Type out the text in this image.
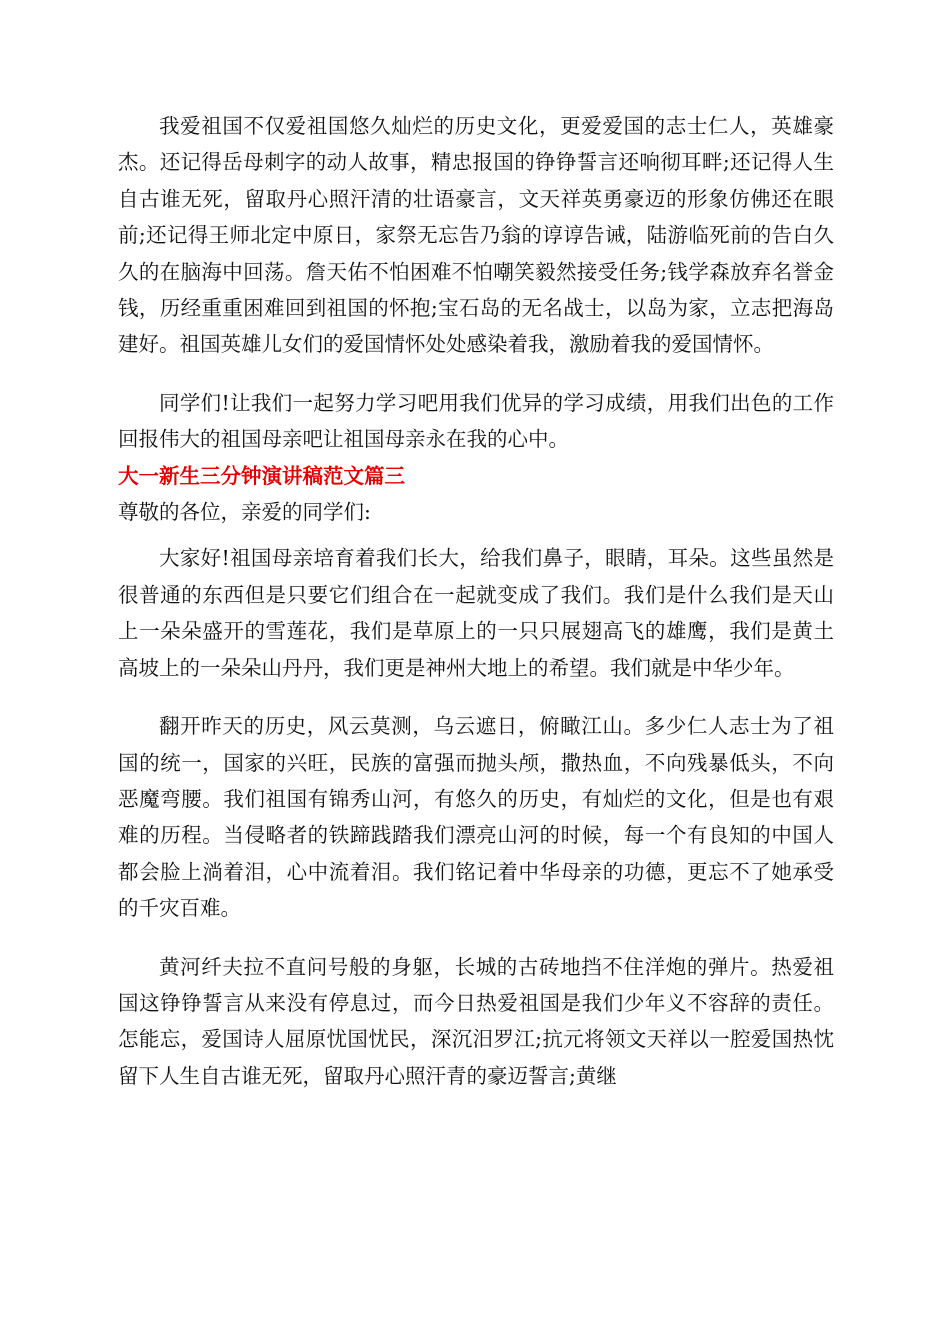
我爱祖国不仅爱祖国悠久灿烂的历史文化，更爱爱国的志士仁人，英雄豪杰。还记得岳母刺字的动人故事，精忠报国的铮铮誓言还响彻耳畔;还记得人生自古谁无死，留取丹心照汗清的壮语豪言，文天祥英勇豪迈的形象仿佛还在眼前;还记得王师北定中原日，家祭无忘告乃翁的谆谆告诫，陆游临死前的告白久久的在脑海中回荡。詹天佑不怕困难不怕嘲笑毅然接受任务;钱学森放弃名誉金钱，历经重重困难回到祖国的怀抱;宝石岛的无名战士，以岛为家，立志把海岛建好。祖国英雄儿女们的爱国情怀处处感染着我，激励着我的爱国情怀。

同学们!让我们一起努力学习吧用我们优异的学习成绩，用我们出色的工作回报伟大的祖国母亲吧让祖国母亲永在我的心中。

大一新生三分钟演讲稿范文篇三

尊敬的各位，亲爱的同学们:

大家好!祖国母亲培育着我们长大，给我们鼻子，眼睛，耳朵。这些虽然是很普通的东西但是只要它们组合在一起就变成了我们。我们是什么我们是天山上一朵朵盛开的雪莲花，我们是草原上的一只只展翅高飞的雄鹰，我们是黄土高坡上的一朵朵山丹丹，我们更是神州大地上的希望。我们就是中华少年。

翻开昨天的历史，风云莫测，乌云遮日，俯瞰江山。多少仁人志士为了祖国的统一，国家的兴旺，民族的富强而抛头颅，撒热血，不向残暴低头，不向恶魔弯腰。我们祖国有锦秀山河，有悠久的历史，有灿烂的文化，但是也有艰难的历程。当侵略者的铁蹄践踏我们漂亮山河的时候，每一个有良知的中国人都会脸上淌着泪，心中流着泪。我们铭记着中华母亲的功德，更忘不了她承受的千灾百难。

黄河纤夫拉不直问号般的身躯，长城的古砖地挡不住洋炮的弹片。热爱祖国这铮铮誓言从来没有停息过，而今日热爱祖国是我们少年义不容辞的责任。怎能忘，爱国诗人屈原忧国忧民，深沉汨罗江;抗元将领文天祥以一腔爱国热忱留下人生自古谁无死，留取丹心照汗青的豪迈誓言;黄继
